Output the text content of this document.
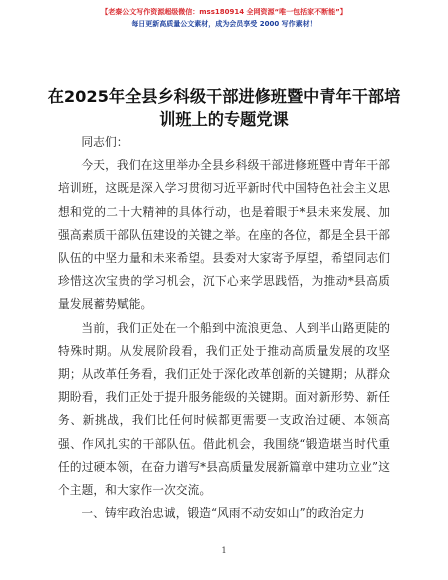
【老秦公文写作资源超级微信：mss180914 全网资源“唯一包括家不断能”】
每日更新高质量公文素材，成为会员享受 2000 写作素材！
在2025年全县乡科级干部进修班暨中青年干部培训班上的专题党课

同志们：

今天，我们在这里举办全县乡科级干部进修班暨中青年干部培训班，这既是深入学习贯彻习近平新时代中国特色社会主义思想和党的二十大精神的具体行动，也是着眼于*县未来发展、加强高素质干部队伍建设的关键之举。在座的各位，都是全县干部队伍的中坚力量和未来希望。县委对大家寄予厚望，希望同志们珍惜这次宝贵的学习机会，沉下心来学思践悟，为推动*县高质量发展蓄势赋能。

当前，我们正处在一个船到中流浪更急、人到半山路更陡的特殊时期。从发展阶段看，我们正处于推动高质量发展的攻坚期；从改革任务看，我们正处于深化改革创新的关键期；从群众期盼看，我们正处于提升服务能级的关键期。面对新形势、新任务、新挑战，我们比任何时候都更需要一支政治过硬、本领高强、作风扎实的干部队伍。借此机会，我围绕“锻造堪当时代重任的过硬本领，在奋力谱写*县高质量发展新篇章中建功立业”这个主题，和大家作一次交流。

一、铸牢政治忠诚，锻造“风雨不动安如山”的政治定力

1
